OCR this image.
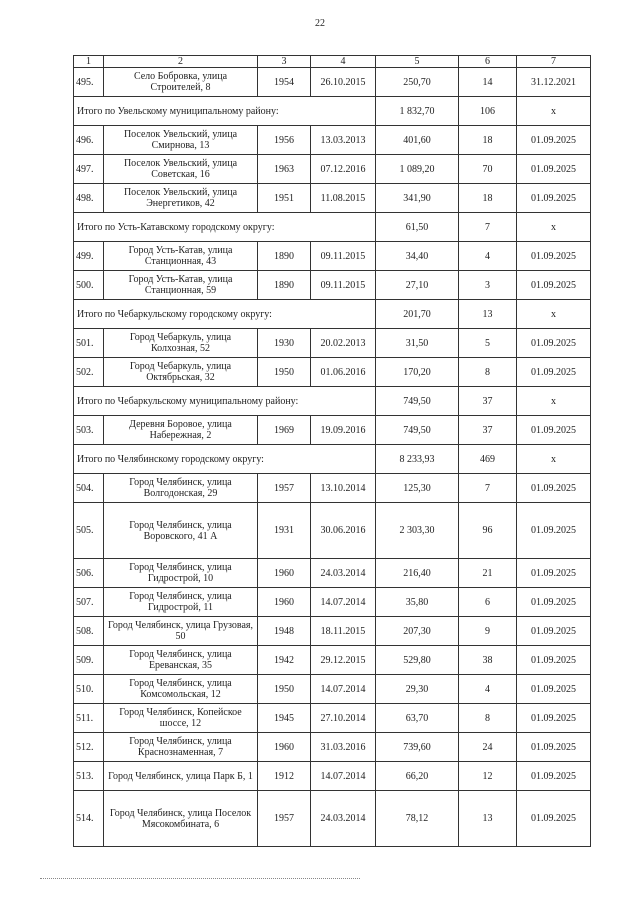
22
1	2	3	4	5	6	7
495.	Село Бобровка, улица Строителей, 8	1954	26.10.2015	250,70	14	31.12.2021
Итого по Увельскому муниципальному району:				1 832,70	106	x
496.	Поселок Увельский, улица Смирнова, 13	1956	13.03.2013	401,60	18	01.09.2025
497.	Поселок Увельский, улица Советская, 16	1963	07.12.2016	1 089,20	70	01.09.2025
498.	Поселок Увельский, улица Энергетиков, 42	1951	11.08.2015	341,90	18	01.09.2025
Итого по Усть-Катавскому городскому округу:				61,50	7	x
499.	Город Усть-Катав, улица Станционная, 43	1890	09.11.2015	34,40	4	01.09.2025
500.	Город Усть-Катав, улица Станционная, 59	1890	09.11.2015	27,10	3	01.09.2025
Итого по Чебаркульскому городскому округу:				201,70	13	x
501.	Город Чебаркуль, улица Колхозная, 52	1930	20.02.2013	31,50	5	01.09.2025
502.	Город Чебаркуль, улица Октябрьская, 32	1950	01.06.2016	170,20	8	01.09.2025
Итого по Чебаркульскому муниципальному району:				749,50	37	x
503.	Деревня Боровое, улица Набережная, 2	1969	19.09.2016	749,50	37	01.09.2025
Итого по Челябинскому городскому округу:				8 233,93	469	x
504.	Город Челябинск, улица Волгодонская, 29	1957	13.10.2014	125,30	7	01.09.2025
505.	Город Челябинск, улица Воровского, 41 А	1931	30.06.2016	2 303,30	96	01.09.2025
506.	Город Челябинск, улица Гидрострой, 10	1960	24.03.2014	216,40	21	01.09.2025
507.	Город Челябинск, улица Гидрострой, 11	1960	14.07.2014	35,80	6	01.09.2025
508.	Город Челябинск, улица Грузовая, 50	1948	18.11.2015	207,30	9	01.09.2025
509.	Город Челябинск, улица Ереванская, 35	1942	29.12.2015	529,80	38	01.09.2025
510.	Город Челябинск, улица Комсомольская, 12	1950	14.07.2014	29,30	4	01.09.2025
511.	Город Челябинск, Копейское шоссе, 12	1945	27.10.2014	63,70	8	01.09.2025
512.	Город Челябинск, улица Краснознаменная, 7	1960	31.03.2016	739,60	24	01.09.2025
513.	Город Челябинск, улица Парк Б, 1	1912	14.07.2014	66,20	12	01.09.2025
514.	Город Челябинск, улица Поселок Мясокомбината, 6	1957	24.03.2014	78,12	13	01.09.2025
